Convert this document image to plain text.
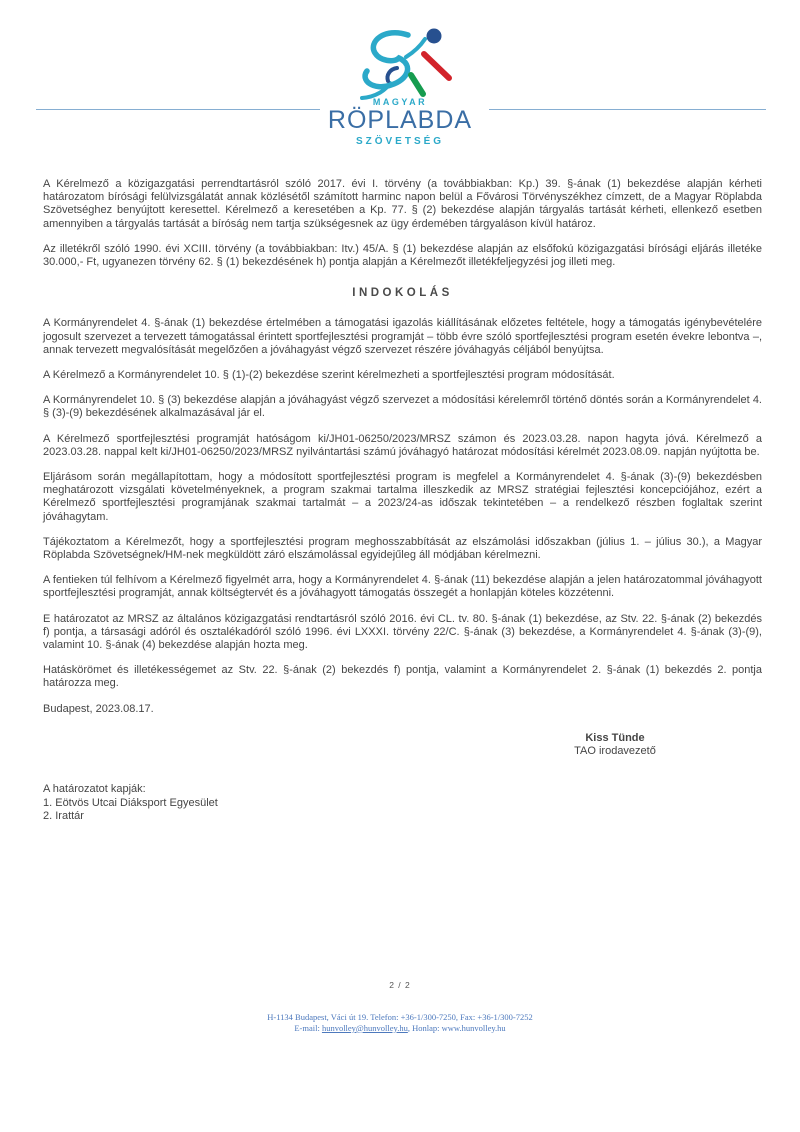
MAGYAR
RÖPLABDA
SZÖVETSÉG

A Kérelmező a közigazgatási perrendtartásról szóló 2017. évi I. törvény (a továbbiakban: Kp.) 39. §-ának (1) bekezdése alapján kérheti határozatom bírósági felülvizsgálatát annak közlésétől számított harminc napon belül a Fővárosi Törvényszékhez címzett, de a Magyar Röplabda Szövetséghez benyújtott keresettel. Kérelmező a keresetében a Kp. 77. § (2) bekezdése alapján tárgyalás tartását kérheti, ellenkező esetben amennyiben a tárgyalás tartását a bíróság nem tartja szükségesnek az ügy érdemében tárgyaláson kívül határoz.

Az illetékről szóló 1990. évi XCIII. törvény (a továbbiakban: Itv.) 45/A. § (1) bekezdése alapján az elsőfokú közigazgatási bírósági eljárás illetéke 30.000,- Ft, ugyanezen törvény 62. § (1) bekezdésének h) pontja alapján a Kérelmezőt illetékfeljegyzési jog illeti meg.

INDOKOLÁS

A Kormányrendelet 4. §-ának (1) bekezdése értelmében a támogatási igazolás kiállításának előzetes feltétele, hogy a támogatás igénybevételére jogosult szervezet a tervezett támogatással érintett sportfejlesztési programját – több évre szóló sportfejlesztési program esetén évekre lebontva –, annak tervezett megvalósítását megelőzően a jóváhagyást végző szervezet részére jóváhagyás céljából benyújtsa.

A Kérelmező a Kormányrendelet 10. § (1)-(2) bekezdése szerint kérelmezheti a sportfejlesztési program módosítását.

A Kormányrendelet 10. § (3) bekezdése alapján a jóváhagyást végző szervezet a módosítási kérelemről történő döntés során a Kormányrendelet 4. § (3)-(9) bekezdésének alkalmazásával jár el.

A Kérelmező sportfejlesztési programját hatóságom ki/JH01-06250/2023/MRSZ számon és 2023.03.28. napon hagyta jóvá. Kérelmező a 2023.03.28. nappal kelt ki/JH01-06250/2023/MRSZ nyilvántartási számú jóváhagyó határozat módosítási kérelmét 2023.08.09. napján nyújtotta be.

Eljárásom során megállapítottam, hogy a módosított sportfejlesztési program is megfelel a Kormányrendelet 4. §-ának (3)-(9) bekezdésben meghatározott vizsgálati követelményeknek, a program szakmai tartalma illeszkedik az MRSZ stratégiai fejlesztési koncepciójához, ezért a Kérelmező sportfejlesztési programjának szakmai tartalmát – a 2023/24-as időszak tekintetében – a rendelkező részben foglaltak szerint jóváhagytam.

Tájékoztatom a Kérelmezőt, hogy a sportfejlesztési program meghosszabbítását az elszámolási időszakban (július 1. – július 30.), a Magyar Röplabda Szövetségnek/HM-nek megküldött záró elszámolással egyidejűleg áll módjában kérelmezni.

A fentieken túl felhívom a Kérelmező figyelmét arra, hogy a Kormányrendelet 4. §-ának (11) bekezdése alapján a jelen határozatommal jóváhagyott sportfejlesztési programját, annak költségtervét és a jóváhagyott támogatás összegét a honlapján köteles közzétenni.

E határozatot az MRSZ az általános közigazgatási rendtartásról szóló 2016. évi CL. tv. 80. §-ának (1) bekezdése, az Stv. 22. §-ának (2) bekezdés f) pontja, a társasági adóról és osztalékadóról szóló 1996. évi LXXXI. törvény 22/C. §-ának (3) bekezdése, a Kormányrendelet 4. §-ának (3)-(9), valamint 10. §-ának (4) bekezdése alapján hozta meg.

Hatáskörömet és illetékességemet az Stv. 22. §-ának (2) bekezdés f) pontja, valamint a Kormányrendelet 2. §-ának (1) bekezdés 2. pontja határozza meg.

Budapest, 2023.08.17.

Kiss Tünde
TAO irodavezető
A határozatot kapják:
1. Eötvös Utcai Diáksport Egyesület
2. Irattár
2 / 2
H-1134 Budapest, Váci út 19. Telefon: +36-1/300-7250, Fax: +36-1/300-7252
E-mail: hunvolley@hunvolley.hu, Honlap: www.hunvolley.hu
